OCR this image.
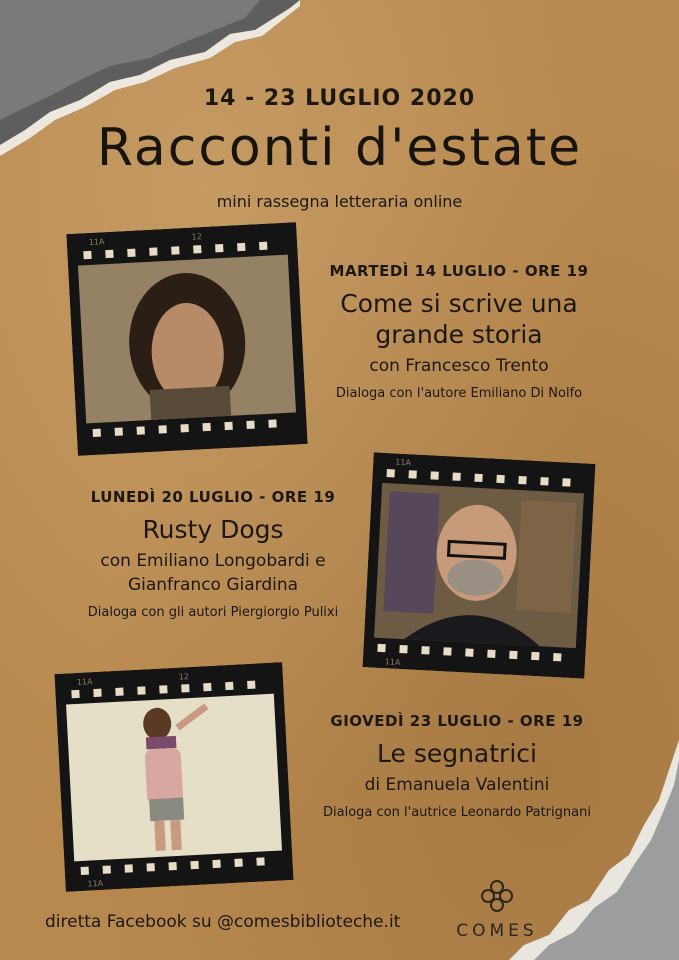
14 - 23 LUGLIO 2020
Racconti d'estate
mini rassegna letteraria online
11A
12
MARTEDÌ 14 LUGLIO - ORE 19
Come si scrive una
grande storia
con Francesco Trento
Dialoga con l'autore Emiliano Di Nolfo
LUNEDÌ 20 LUGLIO - ORE 19
Rusty Dogs
con Emiliano Longobardi e
Gianfranco Giardina
Dialoga con gli autori Piergiorgio Pulixi
11A
11A
11A
12
11A
GIOVEDÌ 23 LUGLIO - ORE 19
Le segnatrici
di Emanuela Valentini
Dialoga con l'autrice Leonardo Patrignani
diretta Facebook su @comesbiblioteche.it	COMES
